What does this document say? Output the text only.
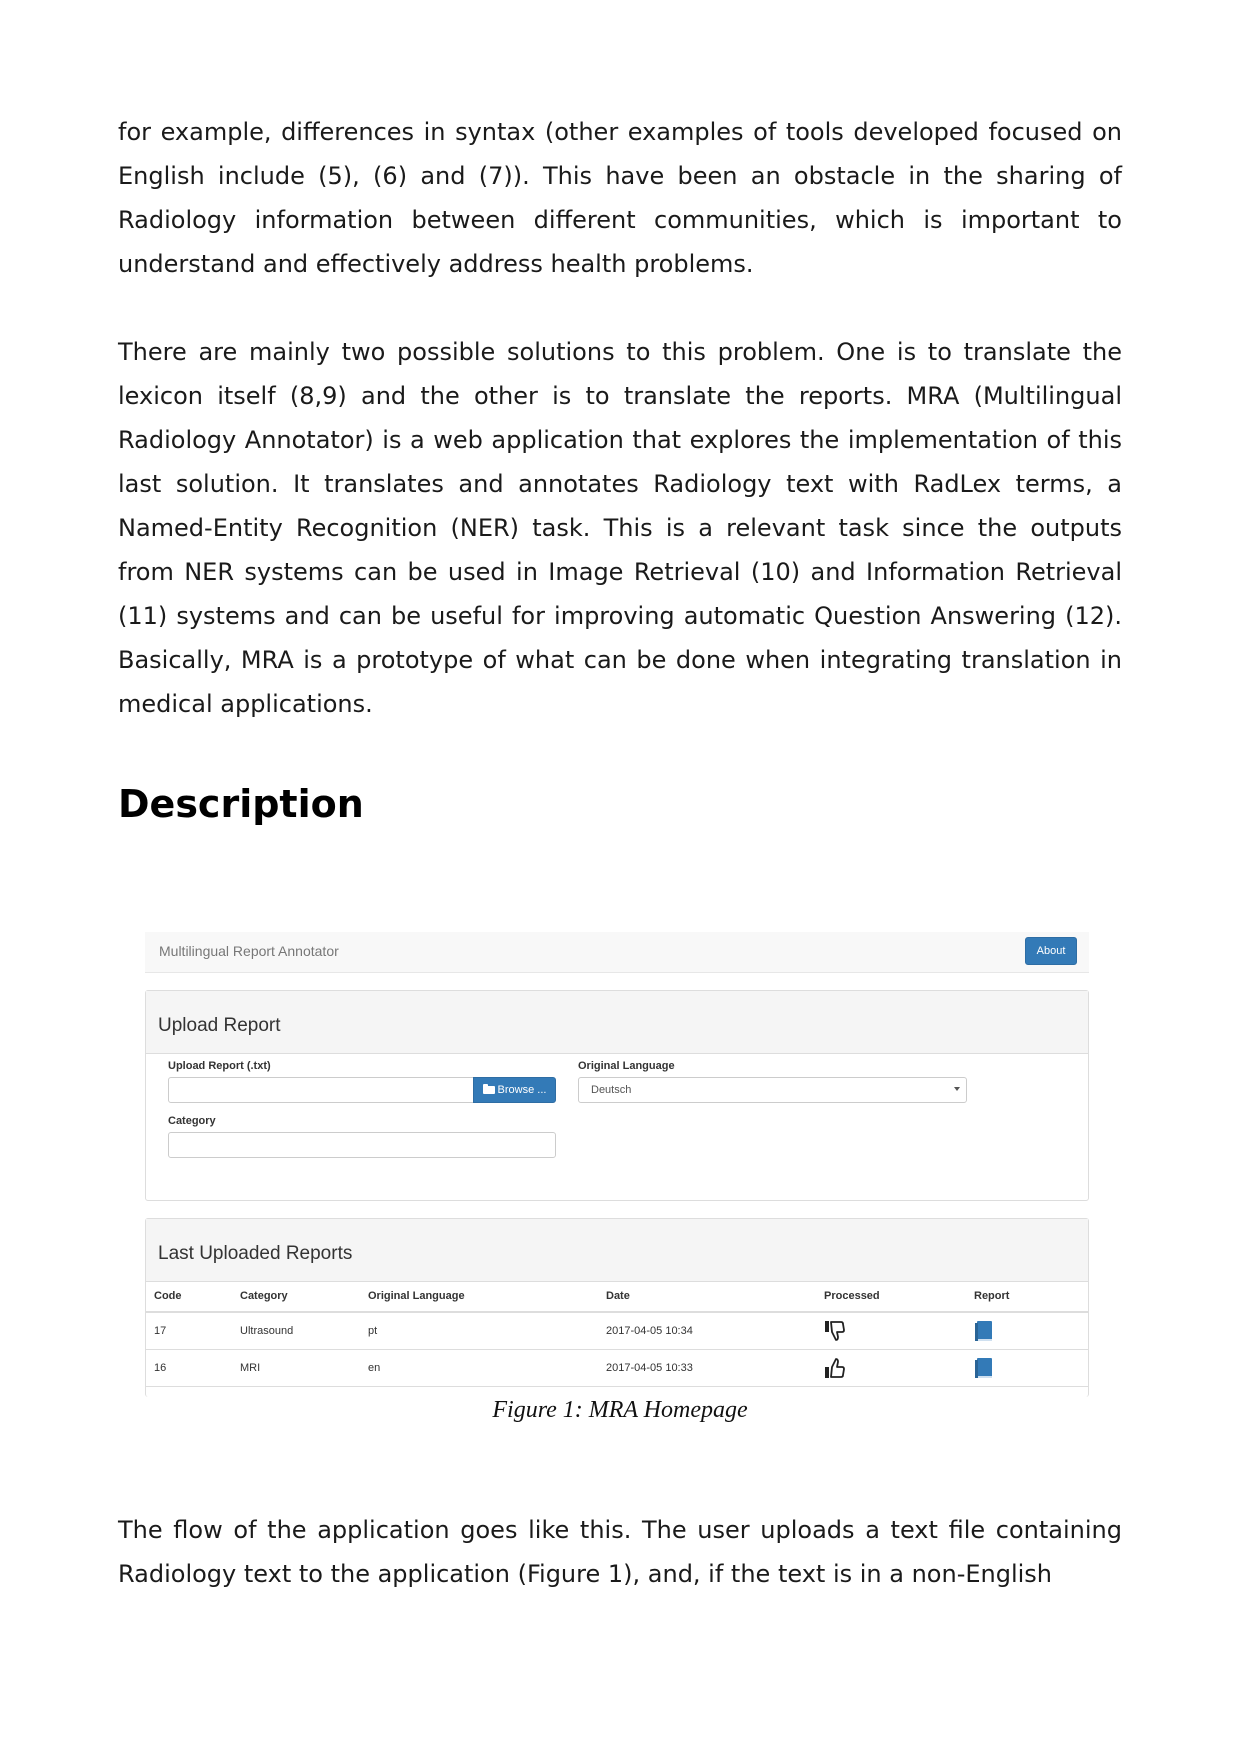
for example, differences in syntax (other examples of tools developed focused on English include (5), (6) and (7)). This have been an obstacle in the sharing of Radiology information between different communities, which is important to understand and effectively address health problems.

There are mainly two possible solutions to this problem. One is to translate the lexicon itself (8,9) and the other is to translate the reports. MRA (Multilingual Radiology Annotator) is a web application that explores the implementation of this last solution. It translates and annotates Radiology text with RadLex terms, a Named-Entity Recognition (NER) task. This is a relevant task since the outputs from NER systems can be used in Image Retrieval (10) and Information Retrieval (11) systems and can be useful for improving automatic Question Answering (12). Basically, MRA is a prototype of what can be done when integrating translation in medical applications.

Description
Multilingual Report Annotator	About
Upload Report
Upload Report (.txt)
Browse ...
Original Language
Deutsch
Category
Last Uploaded Reports
Code	Category	Original Language	Date	Processed	Report
17	Ultrasound	pt	2017-04-05 10:34		
16	MRI	en	2017-04-05 10:33		
Figure 1: MRA Homepage

The flow of the application goes like this. The user uploads a text file containing Radiology text to the application (Figure 1), and, if the text is in a non-English
